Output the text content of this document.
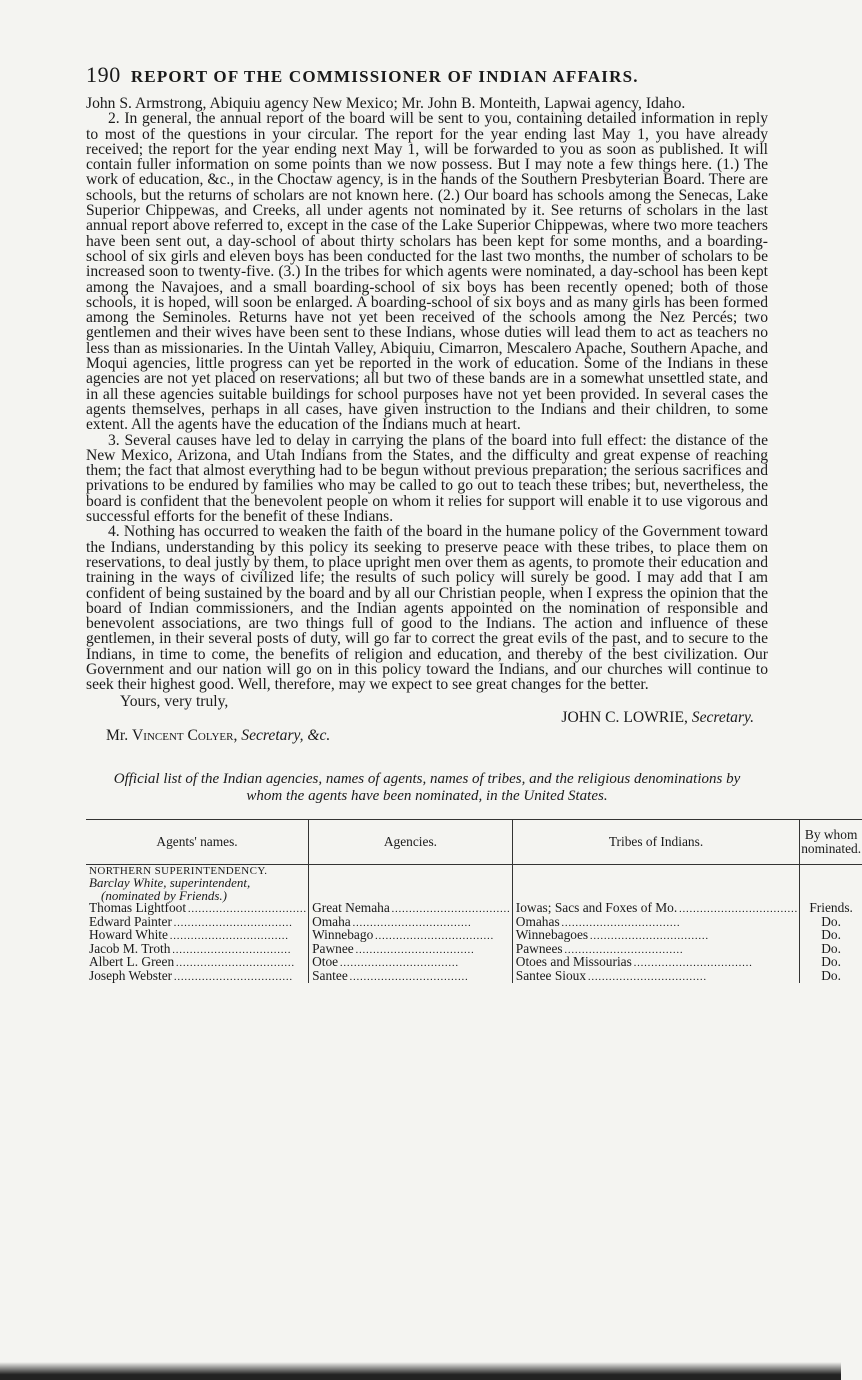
190 REPORT OF THE COMMISSIONER OF INDIAN AFFAIRS.

John S. Armstrong, Abiquiu agency New Mexico; Mr. John B. Monteith, Lapwai agency, Idaho.

2. In general, the annual report of the board will be sent to you, containing detailed information in reply to most of the questions in your circular. The report for the year ending last May 1, you have already received; the report for the year ending next May 1, will be forwarded to you as soon as published. It will contain fuller information on some points than we now possess. But I may note a few things here. (1.) The work of education, &c., in the Choctaw agency, is in the hands of the Southern Presbyterian Board. There are schools, but the returns of scholars are not known here. (2.) Our board has schools among the Senecas, Lake Superior Chippewas, and Creeks, all under agents not nominated by it. See returns of scholars in the last annual report above referred to, except in the case of the Lake Superior Chippewas, where two more teachers have been sent out, a day-school of about thirty scholars has been kept for some months, and a boarding-school of six girls and eleven boys has been conducted for the last two months, the number of scholars to be increased soon to twenty-five. (3.) In the tribes for which agents were nominated, a day-school has been kept among the Navajoes, and a small boarding-school of six boys has been recently opened; both of those schools, it is hoped, will soon be enlarged. A boarding-school of six boys and as many girls has been formed among the Seminoles. Returns have not yet been received of the schools among the Nez Percés; two gentlemen and their wives have been sent to these Indians, whose duties will lead them to act as teachers no less than as missionaries. In the Uintah Valley, Abiquiu, Cimarron, Mescalero Apache, Southern Apache, and Moqui agencies, little progress can yet be reported in the work of education. Some of the Indians in these agencies are not yet placed on reservations; all but two of these bands are in a somewhat unsettled state, and in all these agencies suitable buildings for school purposes have not yet been provided. In several cases the agents themselves, perhaps in all cases, have given instruction to the Indians and their children, to some extent. All the agents have the education of the Indians much at heart.

3. Several causes have led to delay in carrying the plans of the board into full effect: the distance of the New Mexico, Arizona, and Utah Indians from the States, and the difficulty and great expense of reaching them; the fact that almost everything had to be begun without previous preparation; the serious sacrifices and privations to be endured by families who may be called to go out to teach these tribes; but, nevertheless, the board is confident that the benevolent people on whom it relies for support will enable it to use vigorous and successful efforts for the benefit of these Indians.

4. Nothing has occurred to weaken the faith of the board in the humane policy of the Government toward the Indians, understanding by this policy its seeking to preserve peace with these tribes, to place them on reservations, to deal justly by them, to place upright men over them as agents, to promote their education and training in the ways of civilized life; the results of such policy will surely be good. I may add that I am confident of being sustained by the board and by all our Christian people, when I express the opinion that the board of Indian commissioners, and the Indian agents appointed on the nomination of responsible and benevolent associations, are two things full of good to the Indians. The action and influence of these gentlemen, in their several posts of duty, will go far to correct the great evils of the past, and to secure to the Indians, in time to come, the benefits of religion and education, and thereby of the best civilization. Our Government and our nation will go on in this policy toward the Indians, and our churches will continue to seek their highest good. Well, therefore, may we expect to see great changes for the better.

Yours, very truly,
JOHN C. LOWRIE, Secretary.
Mr. Vincent Colyer, Secretary, &c.
Official list of the Indian agencies, names of agents, names of tribes, and the religious denominations by whom the agents have been nominated, in the United States.
Agents' names.	Agencies.	Tribes of Indians.	By whom nominated.
NORTHERN SUPERINTENDENCY.			

Barclay White, superintendent,
(nominated by Friends.)			

Thomas Lightfoot . . .	Great Nemaha . . .	Iowas; Sacs and Foxes of Mo. . . .	Friends.
Edward Painter . . .	Omaha . . .	Omahas . . .	Do.
Howard White . . .	Winnebago . . .	Winnebagoes . . .	Do.
Jacob M. Troth . . .	Pawnee . . .	Pawnees . . .	Do.
Albert L. Green . . .	Otoe . . .	Otoes and Missourias . . .	Do.
Joseph Webster . . .	Santee . . .	Santee Sioux . . .	Do.
